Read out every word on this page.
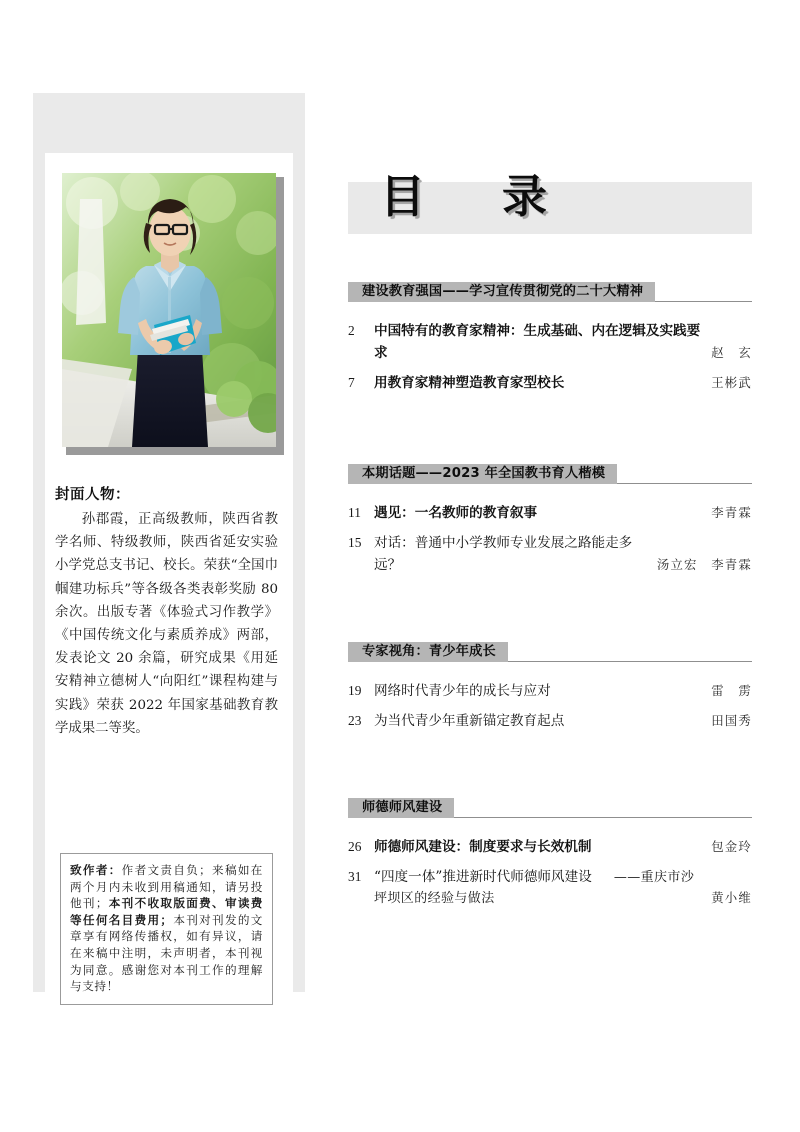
封面人物：
孙郡霞，正高级教师，陕西省教学名师、特级教师，陕西省延安实验小学党总支书记、校长。荣获“全国巾帼建功标兵”等各级各类表彰奖励 80 余次。出版专著《体验式习作教学》《中国传统文化与素质养成》两部，发表论文 20 余篇，研究成果《用延安精神立德树人“向阳红”课程构建与实践》荣获 2022 年国家基础教育教学成果二等奖。
致作者：作者文责自负；来稿如在两个月内未收到用稿通知，请另投他刊；本刊不收取版面费、审读费等任何名目费用；本刊对刊发的文章享有网络传播权，如有异议，请在来稿中注明，未声明者，本刊视为同意。感谢您对本刊工作的理解与支持！
目　录
建设教育强国——学习宣传贯彻党的二十大精神
2	中国特有的教育家精神：生成基础、内在逻辑及实践要求	赵　玄
7	用教育家精神塑造教育家型校长	王彬武
本期话题——2023 年全国教书育人楷模
11 遇见：一名教师的教育叙事	李青霖
15 对话：普通中小学教师专业发展之路能走多远？	汤立宏　李青霖
专家视角：青少年成长
19 网络时代青少年的成长与应对	雷　雳
23 为当代青少年重新锚定教育起点	田国秀
师德师风建设
26 师德师风建设：制度要求与长效机制	包金玲
31 “四度一体”推进新时代师德师风建设 ——重庆市沙坪坝区的经验与做法	黄小维
